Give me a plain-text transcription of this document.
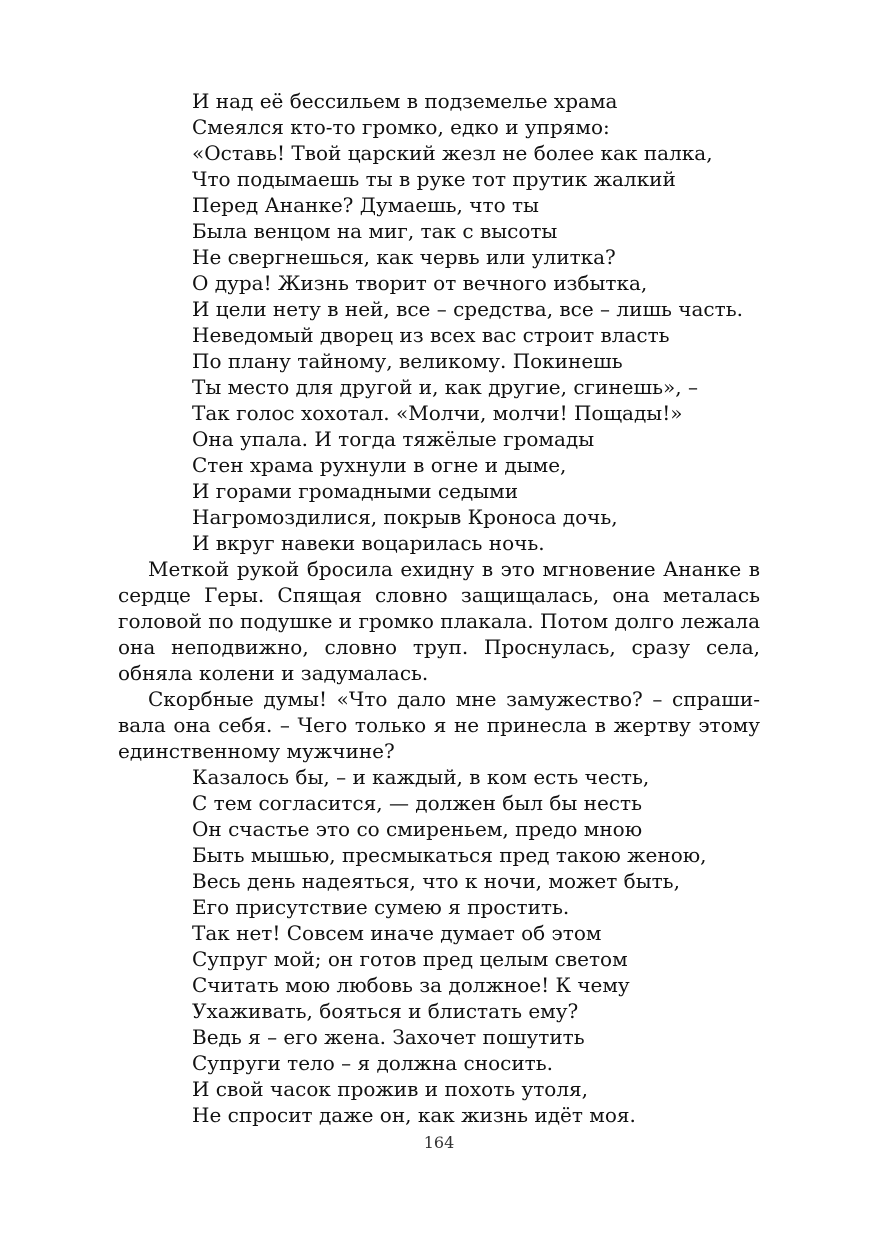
И над её бессильем в подземелье храма
Смеялся кто-то громко, едко и упрямо:
«Оставь! Твой царский жезл не более как палка,
Что подымаешь ты в руке тот прутик жалкий
Перед Ананке? Думаешь, что ты
Была венцом на миг, так с высоты
Не свергнешься, как червь или улитка?
О дура! Жизнь творит от вечного избытка,
И цели нету в ней, все – средства, все – лишь часть.
Неведомый дворец из всех вас строит власть
По плану тайному, великому. Покинешь
Ты место для другой и, как другие, сгинешь», –
Так голос хохотал. «Молчи, молчи! Пощады!»
Она упала. И тогда тяжёлые громады
Стен храма рухнули в огне и дыме,
И горами громадными седыми
Нагромоздилися, покрыв Кроноса дочь,
И вкруг навеки воцарилась ночь.

Меткой рукой бросила ехидну в это мгновение Ананке в сердце Геры. Спящая словно защищалась, она металась головой по подушке и громко плакала. Потом долго лежала она неподвижно, словно труп. Проснулась, сразу села, обняла колени и задумалась.

Скорбные думы! «Что дало мне замужество? – спрашивала она себя. – Чего только я не принесла в жертву этому единственному мужчине?

Казалось бы, – и каждый, в ком есть честь,
С тем согласится, — должен был бы несть
Он счастье это со смиреньем, предо мною
Быть мышью, пресмыкаться пред такою женою,
Весь день надеяться, что к ночи, может быть,
Его присутствие сумею я простить.
Так нет! Совсем иначе думает об этом
Супруг мой; он готов пред целым светом
Считать мою любовь за должное! К чему
Ухаживать, бояться и блистать ему?
Ведь я – его жена. Захочет пошутить
Супруги тело – я должна сносить.
И свой часок прожив и похоть утоля,
Не спросит даже он, как жизнь идёт моя.
164
